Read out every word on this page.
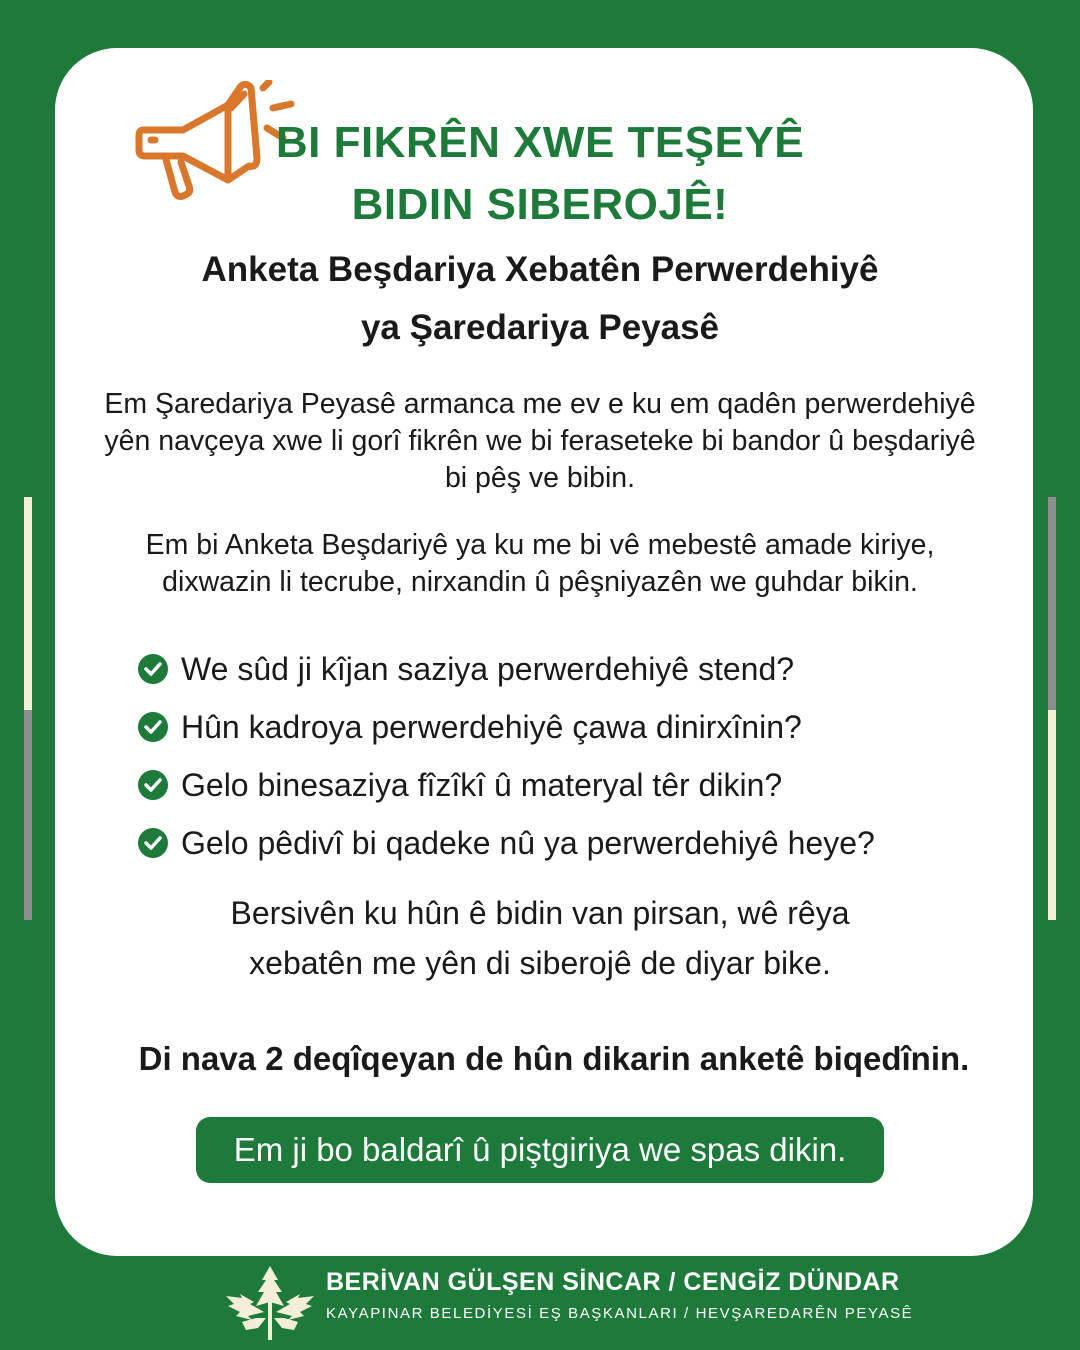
BI FIKRÊN XWE TEŞEYÊ
BIDIN SIBEROJÊ!
Anketa Beşdariya Xebatên Perwerdehiyê
ya Şaredariya Peyasê

Em Şaredariya Peyasê armanca me ev e ku em qadên perwerdehiyê yên navçeya xwe li gorî fikrên we bi feraseteke bi bandor û beşdariyê bi pêş ve bibin.

Em bi Anketa Beşdariyê ya ku me bi vê mebestê amade kiriye, dixwazin li tecrube, nirxandin û pêşniyazên we guhdar bikin.

We sûd ji kîjan saziya perwerdehiyê stend?
Hûn kadroya perwerdehiyê çawa dinirxînin?
Gelo binesaziya fîzîkî û materyal têr dikin?
Gelo pêdivî bi qadeke nû ya perwerdehiyê heye?
Bersivên ku hûn ê bidin van pirsan, wê rêya
xebatên me yên di siberojê de diyar bike.

Di nava 2 deqîqeyan de hûn dikarin anketê biqedînin.

Em ji bo baldarî û piştgiriya we spas dikin.

BERİVAN GÜLŞEN SİNCAR / CENGİZ DÜNDAR

KAYAPINAR BELEDİYESİ EŞ BAŞKANLARI / HEVŞAREDARÊN PEYASÊ
